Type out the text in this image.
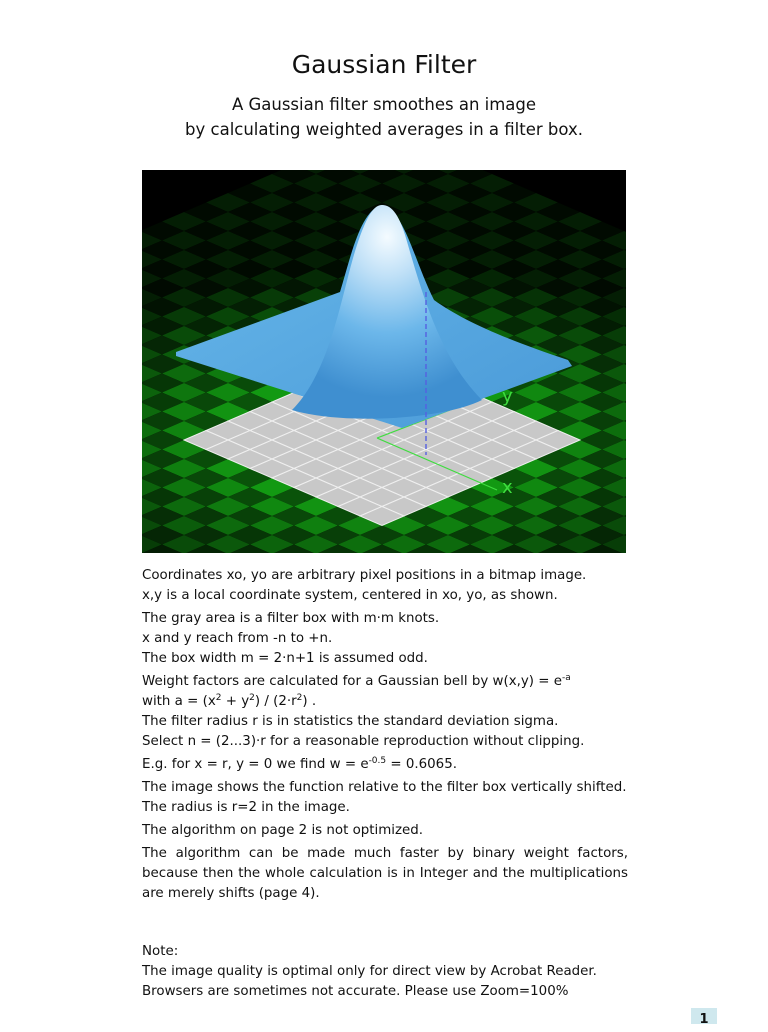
Gaussian Filter
A Gaussian filter smoothes an image
by calculating weighted averages in a filter box.
y
x

Coordinates xo, yo are arbitrary pixel positions in a bitmap image.
x,y is a local coordinate system, centered in xo, yo, as shown.

The gray area is a filter box with m·m knots.
x and y reach from -n to +n.
The box width m = 2·n+1 is assumed odd.

Weight factors are calculated for a Gaussian bell by $w(x,y) = e^{-a}$
with $a = (x^2 + y^2) / (2\cdot r^2)$ .
The filter radius r is in statistics the standard deviation sigma.
Select n = (2...3)·r for a reasonable reproduction without clipping.

E.g. for x = r, y = 0 we find $w = e^{-0.5} = 0.6065$.

The image shows the function relative to the filter box vertically shifted.
The radius is r=2 in the image.

The algorithm on page 2 is not optimized.

The algorithm can be made much faster by binary weight factors, because then the whole calculation is in Integer and the multiplications are merely shifts (page 4).

Note:
The image quality is optimal only for direct view by Acrobat Reader.
Browsers are sometimes not accurate. Please use Zoom=100%

1
